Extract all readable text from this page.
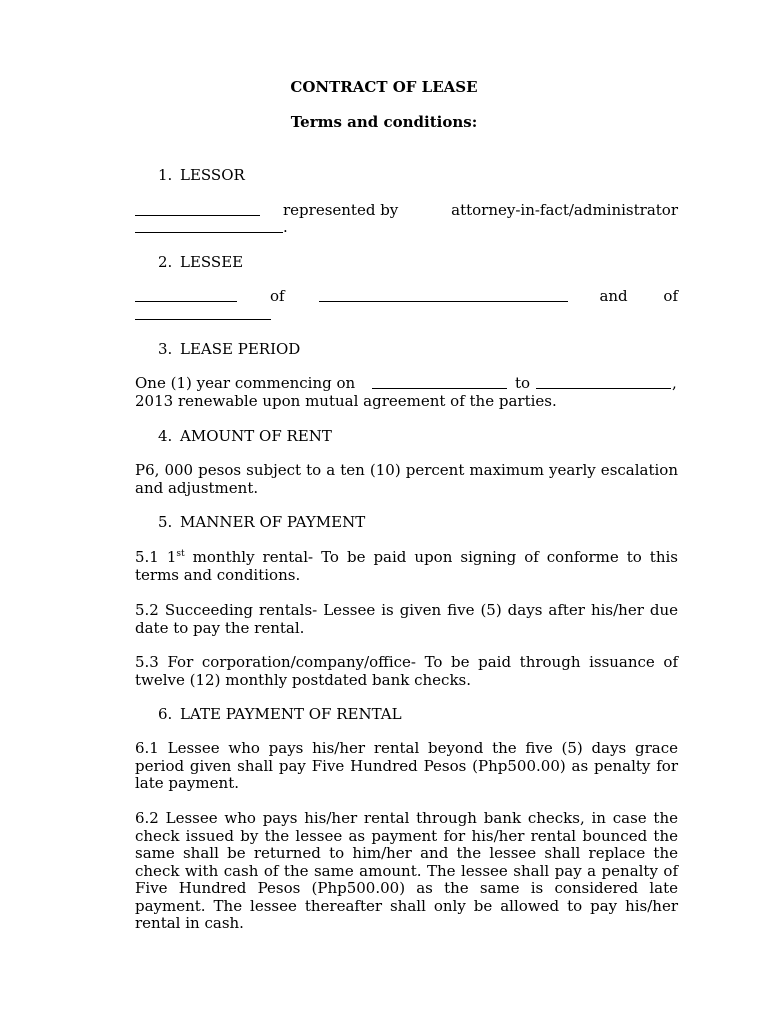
CONTRACT OF LEASE
Terms and conditions:
1. LESSOR
represented by	attorney-in-fact/administrator
.
2. LESSEE
of	and of
3. LEASE PERIOD
One (1) year commencing on	to	,
2013 renewable upon mutual agreement of the parties.
4. AMOUNT OF RENT
P6, 000 pesos subject to a ten (10) percent maximum yearly escalation and adjustment.
5. MANNER OF PAYMENT
5.1 1st monthly rental- To be paid upon signing of conforme to this terms and conditions.
5.2 Succeeding rentals- Lessee is given five (5) days after his/her due date to pay the rental.
5.3 For corporation/company/office- To be paid through issuance of twelve (12) monthly postdated bank checks.
6. LATE PAYMENT OF RENTAL
6.1 Lessee who pays his/her rental beyond the five (5) days grace period given shall pay Five Hundred Pesos (Php500.00) as penalty for late payment.
6.2 Lessee who pays his/her rental through bank checks, in case the check issued by the lessee as payment for his/her rental bounced the same shall be returned to him/her and the lessee shall replace the check with cash of the same amount. The lessee shall pay a penalty of Five Hundred Pesos (Php500.00) as the same is considered late payment. The lessee thereafter shall only be allowed to pay his/her rental in cash.
